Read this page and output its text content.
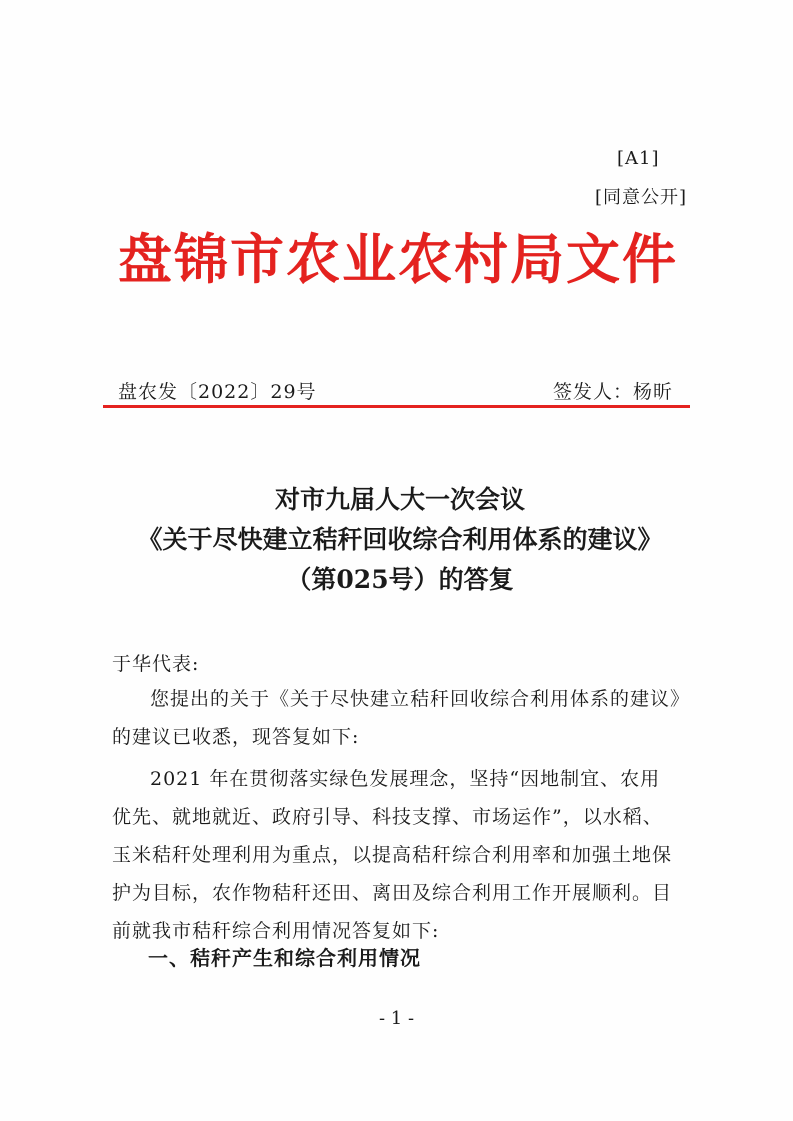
[A1]
[同意公开]
盘锦市农业农村局文件
盘农发〔2022〕29号	签发人：杨昕
对市九届人大一次会议
《关于尽快建立秸秆回收综合利用体系的建议》
（第025号）的答复
于华代表:
您提出的关于《关于尽快建立秸秆回收综合利用体系的建议》
的建议已收悉，现答复如下:
2021 年在贯彻落实绿色发展理念，坚持“因地制宜、农用
优先、就地就近、政府引导、科技支撑、市场运作”，以水稻、
玉米秸秆处理利用为重点，以提高秸秆综合利用率和加强土地保
护为目标，农作物秸秆还田、离田及综合利用工作开展顺利。目
前就我市秸秆综合利用情况答复如下:
一、秸秆产生和综合利用情况
- 1 -
